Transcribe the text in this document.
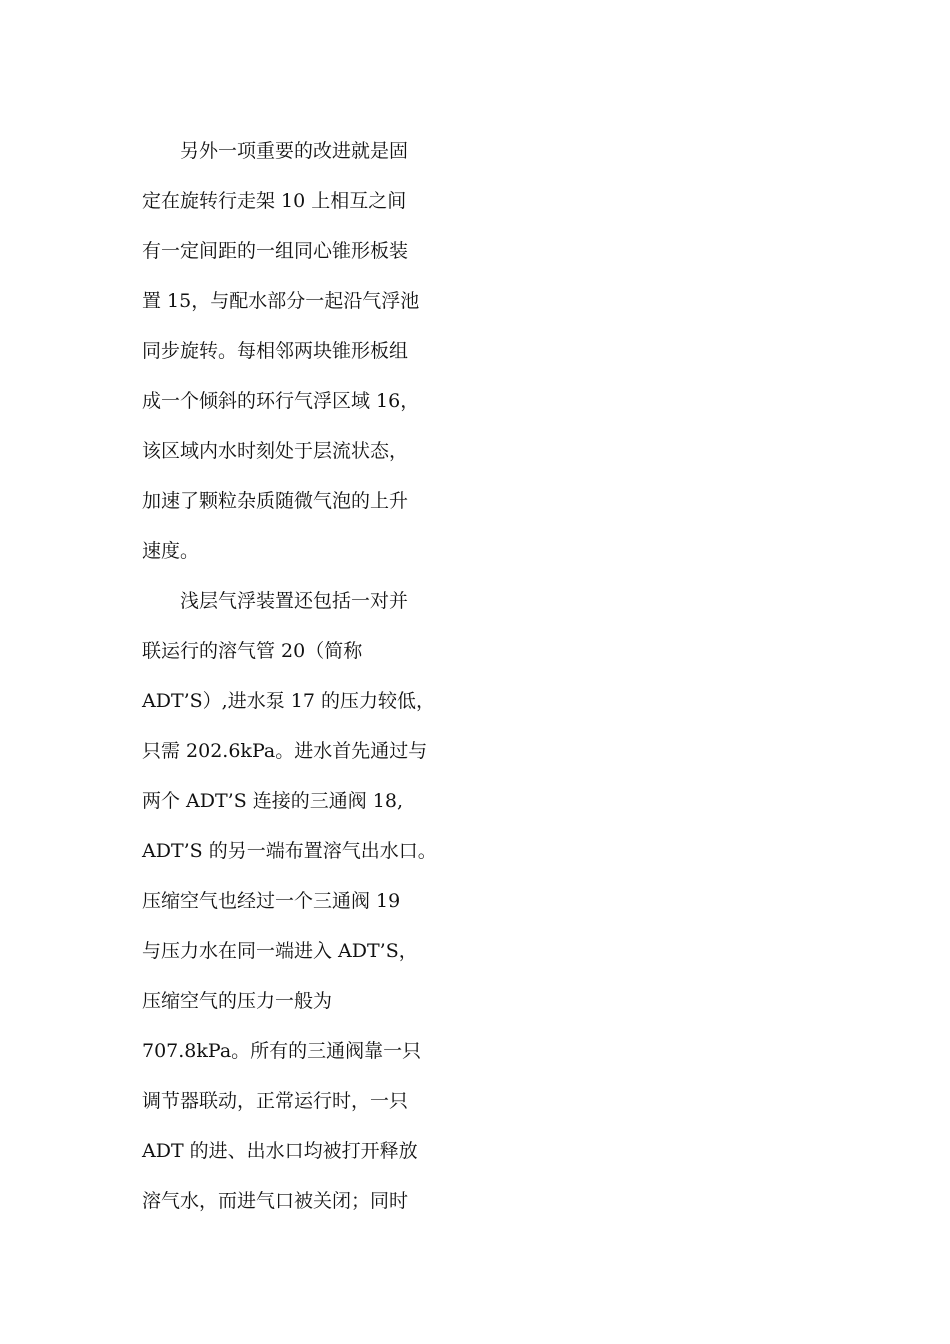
另外一项重要的改进就是固
定在旋转行走架 10 上相互之间
有一定间距的一组同心锥形板装
置 15，与配水部分一起沿气浮池
同步旋转。每相邻两块锥形板组
成一个倾斜的环行气浮区域 16，
该区域内水时刻处于层流状态，
加速了颗粒杂质随微气泡的上升
速度。
浅层气浮装置还包括一对并
联运行的溶气管 20（简称
ADT’S）,进水泵 17 的压力较低，
只需 202.6kPa。进水首先通过与
两个 ADT’S 连接的三通阀 18,
ADT’S 的另一端布置溶气出水口。
压缩空气也经过一个三通阀 19
与压力水在同一端进入 ADT’S，
压缩空气的压力一般为
707.8kPa。所有的三通阀靠一只
调节器联动，正常运行时，一只
ADT 的进、出水口均被打开释放
溶气水，而进气口被关闭；同时
